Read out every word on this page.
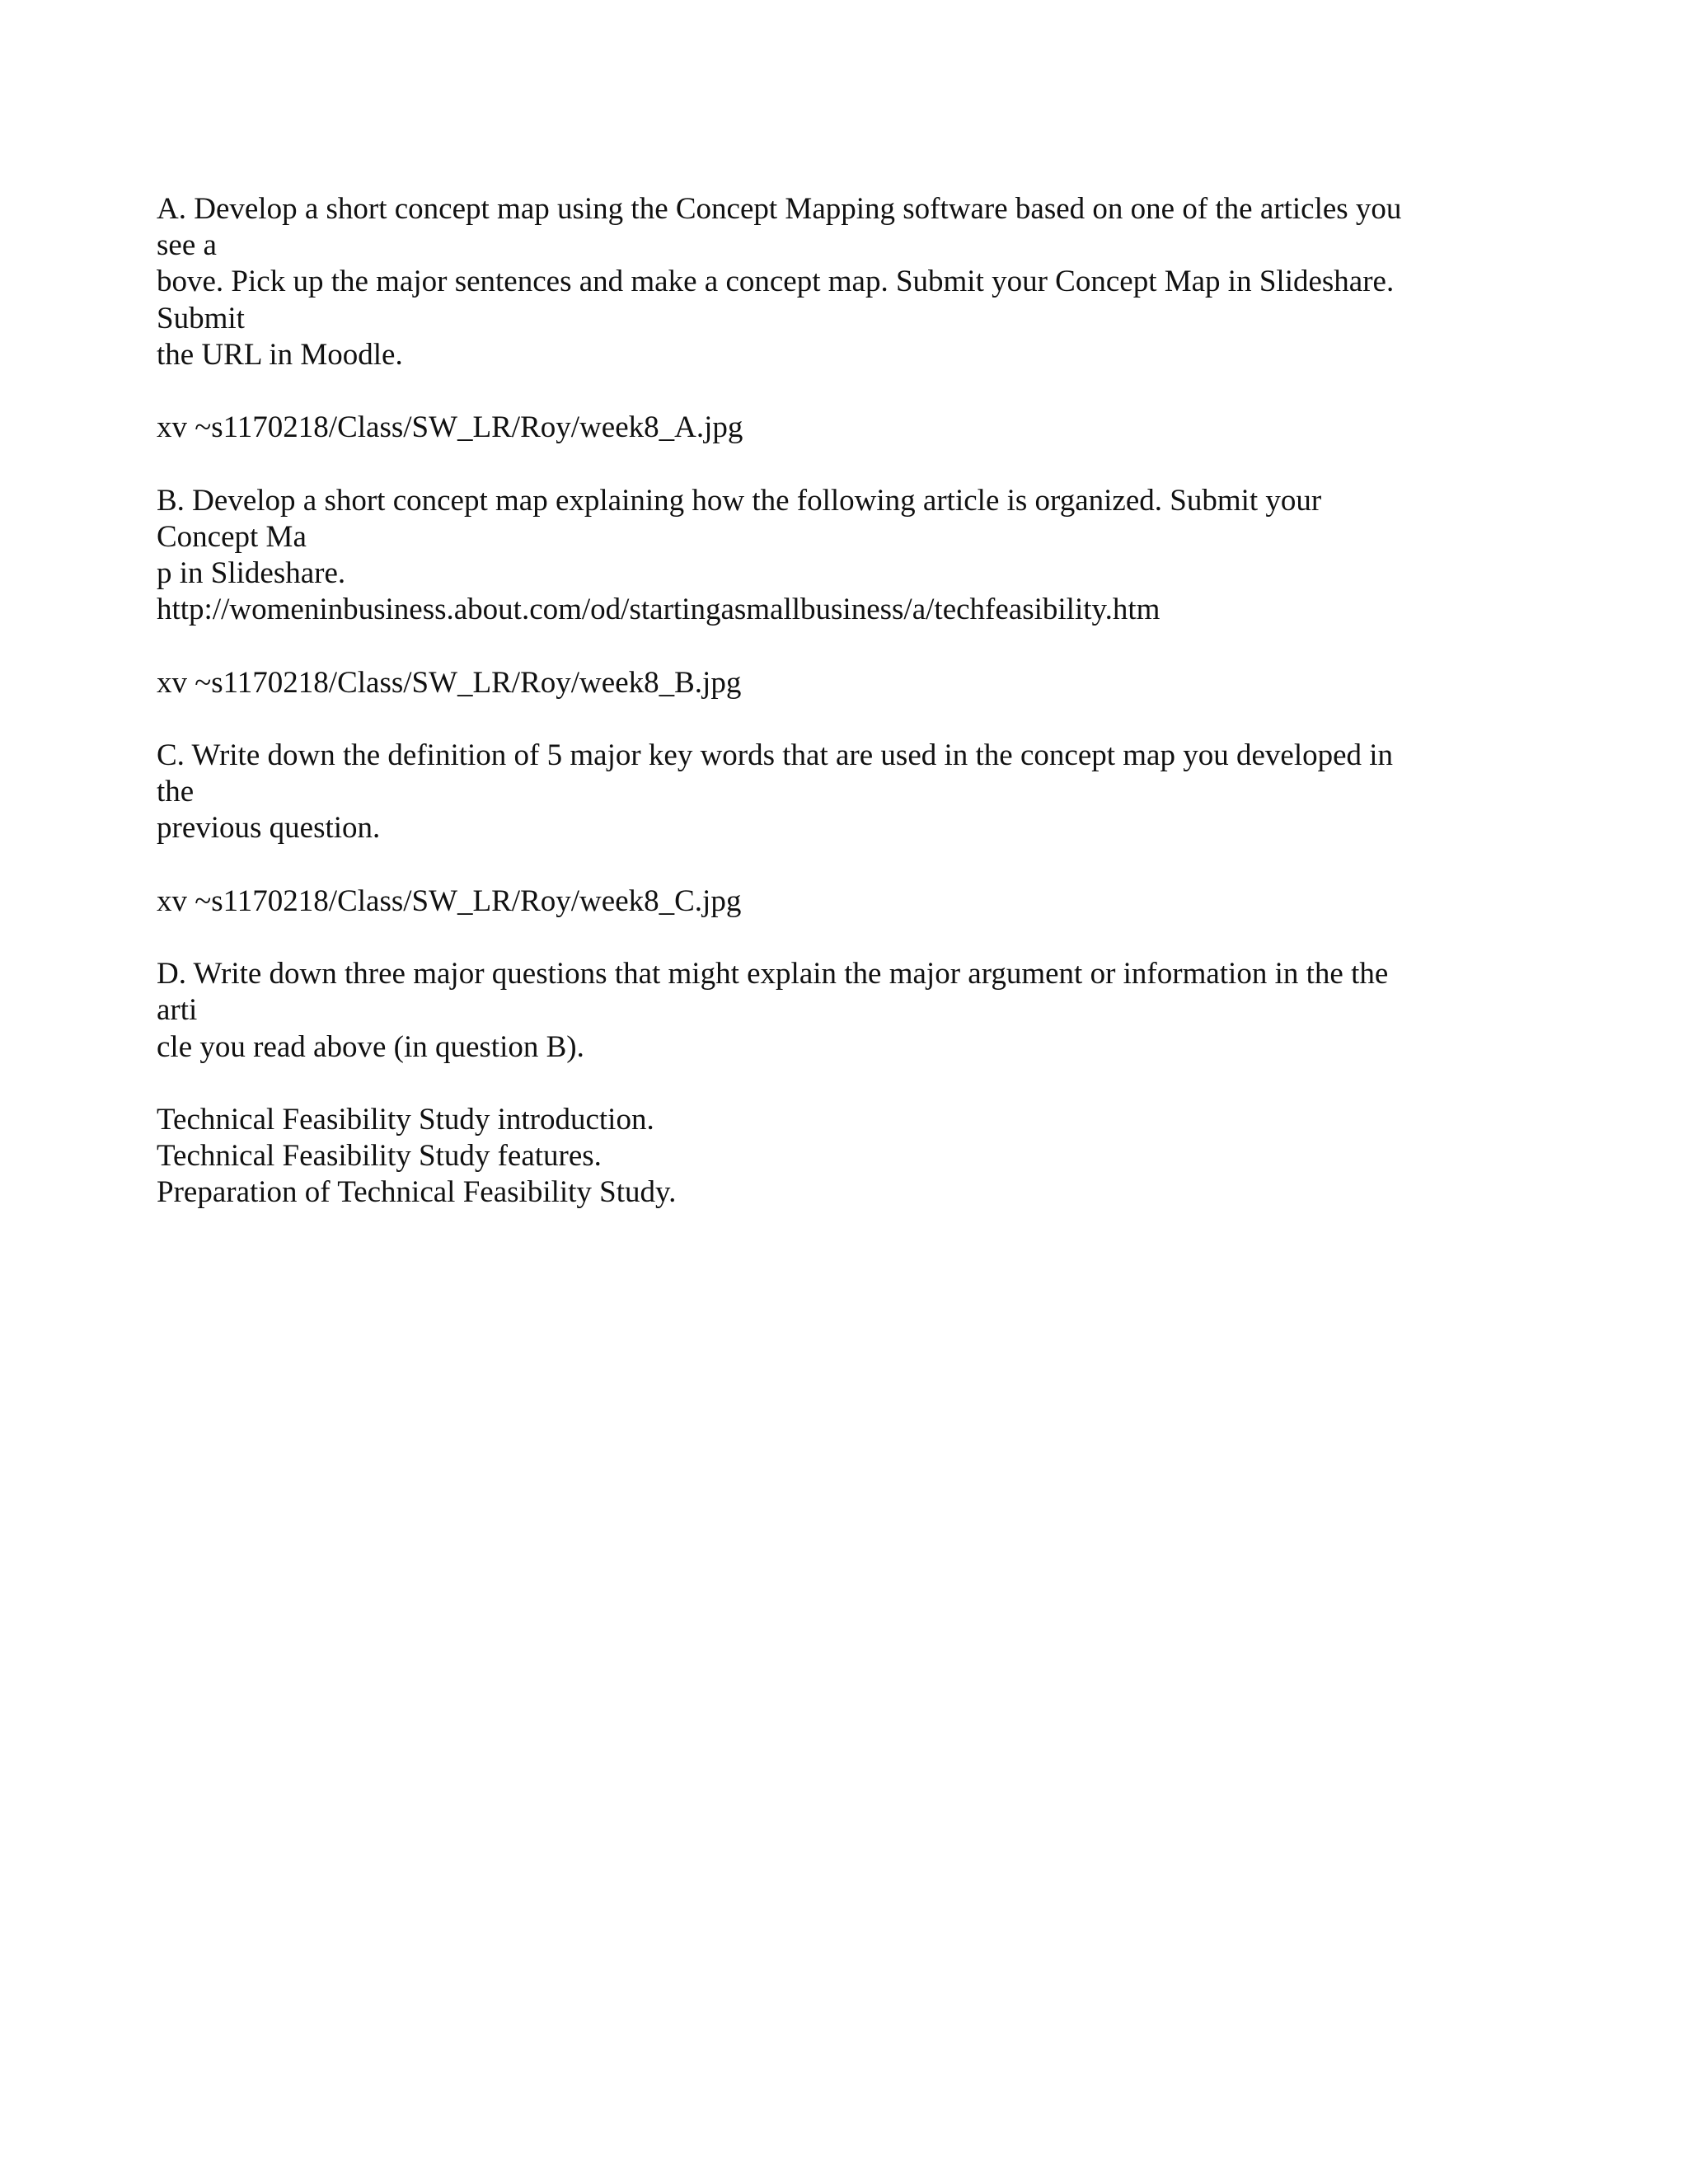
A. Develop a short concept map using the Concept Mapping software based on one of the articles you
see a
bove. Pick up the major sentences and make a concept map. Submit your Concept Map in Slideshare.
Submit
the URL in Moodle.
xv ~s1170218/Class/SW_LR/Roy/week8_A.jpg
B. Develop a short concept map explaining how the following article is organized. Submit your
Concept Ma
p in Slideshare.
http://womeninbusiness.about.com/od/startingasmallbusiness/a/techfeasibility.htm
xv ~s1170218/Class/SW_LR/Roy/week8_B.jpg
C. Write down the definition of 5 major key words that are used in the concept map you developed in
the
previous question.
xv ~s1170218/Class/SW_LR/Roy/week8_C.jpg
D. Write down three major questions that might explain the major argument or information in the the
arti
cle you read above (in question B).
Technical Feasibility Study introduction.
Technical Feasibility Study features.
Preparation of Technical Feasibility Study.
